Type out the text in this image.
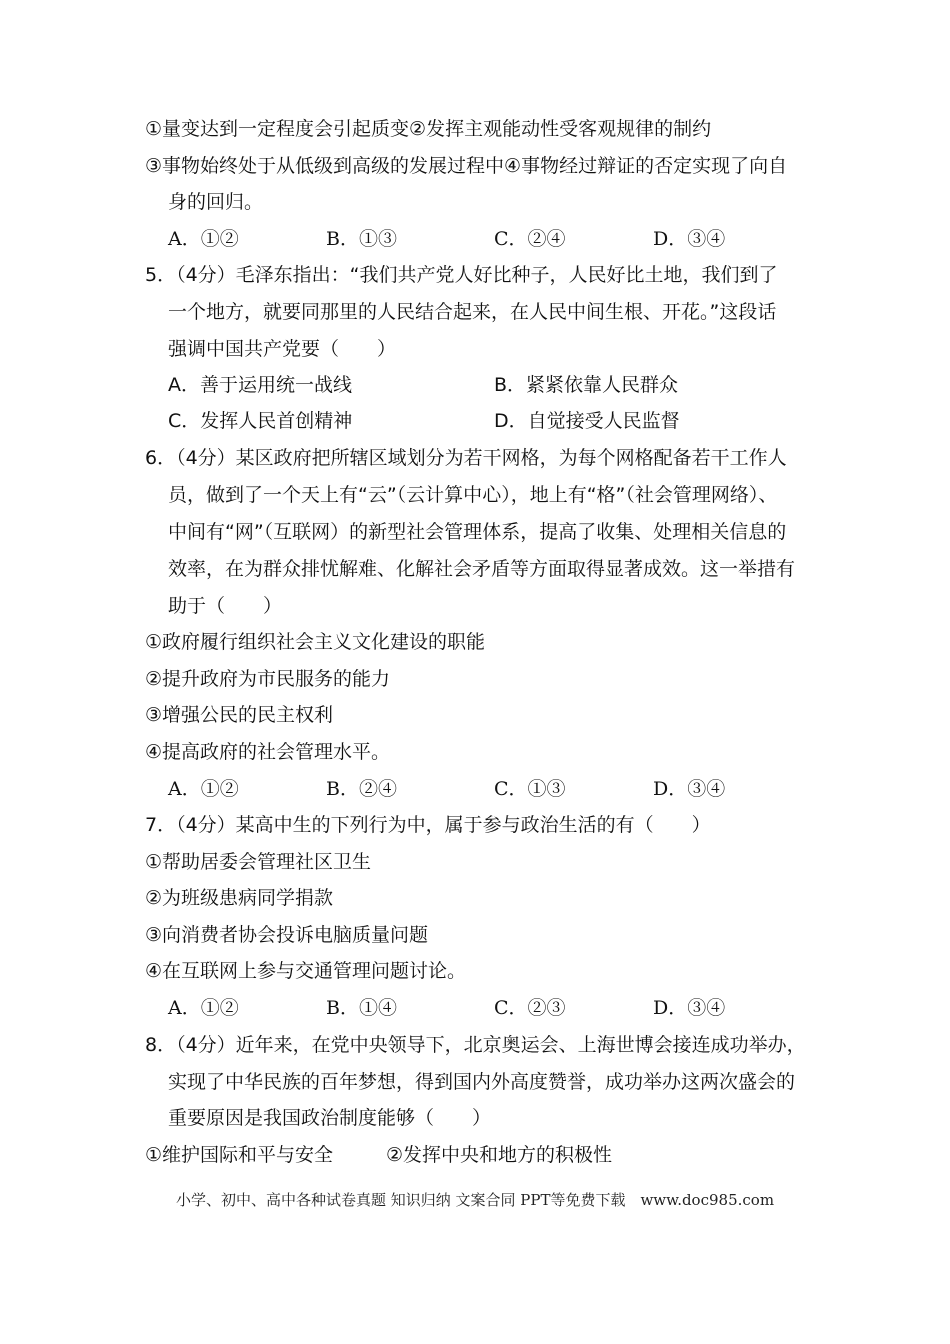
①量变达到一定程度会引起质变②发挥主观能动性受客观规律的制约
③事物始终处于从低级到高级的发展过程中④事物经过辩证的否定实现了向自
身的回归。
A．①②	B．①③	C．②④	D．③④
5．（4分）毛泽东指出：“我们共产党人好比种子，人民好比土地，我们到了
一个地方，就要同那里的人民结合起来，在人民中间生根、开花。”这段话
强调中国共产党要（　　）
A．善于运用统一战线	B．紧紧依靠人民群众
C．发挥人民首创精神	D．自觉接受人民监督
6．（4分）某区政府把所辖区域划分为若干网格，为每个网格配备若干工作人
员，做到了一个天上有“云”（云计算中心），地上有“格”（社会管理网络）、
中间有“网”（互联网）的新型社会管理体系，提高了收集、处理相关信息的
效率，在为群众排忧解难、化解社会矛盾等方面取得显著成效。这一举措有
助于（　　）
①政府履行组织社会主义文化建设的职能
②提升政府为市民服务的能力
③增强公民的民主权利
④提高政府的社会管理水平。
A．①②	B．②④	C．①③	D．③④
7．（4分）某高中生的下列行为中，属于参与政治生活的有（　　）
①帮助居委会管理社区卫生
②为班级患病同学捐款
③向消费者协会投诉电脑质量问题
④在互联网上参与交通管理问题讨论。
A．①②	B．①④	C．②③	D．③④
8．（4分）近年来，在党中央领导下，北京奥运会、上海世博会接连成功举办，
实现了中华民族的百年梦想，得到国内外高度赞誉，成功举办这两次盛会的
重要原因是我国政治制度能够（　　）
①维护国际和平与安全	②发挥中央和地方的积极性
小学、初中、高中各种试卷真题 知识归纳 文案合同 PPT等免费下载　www.doc985.com
